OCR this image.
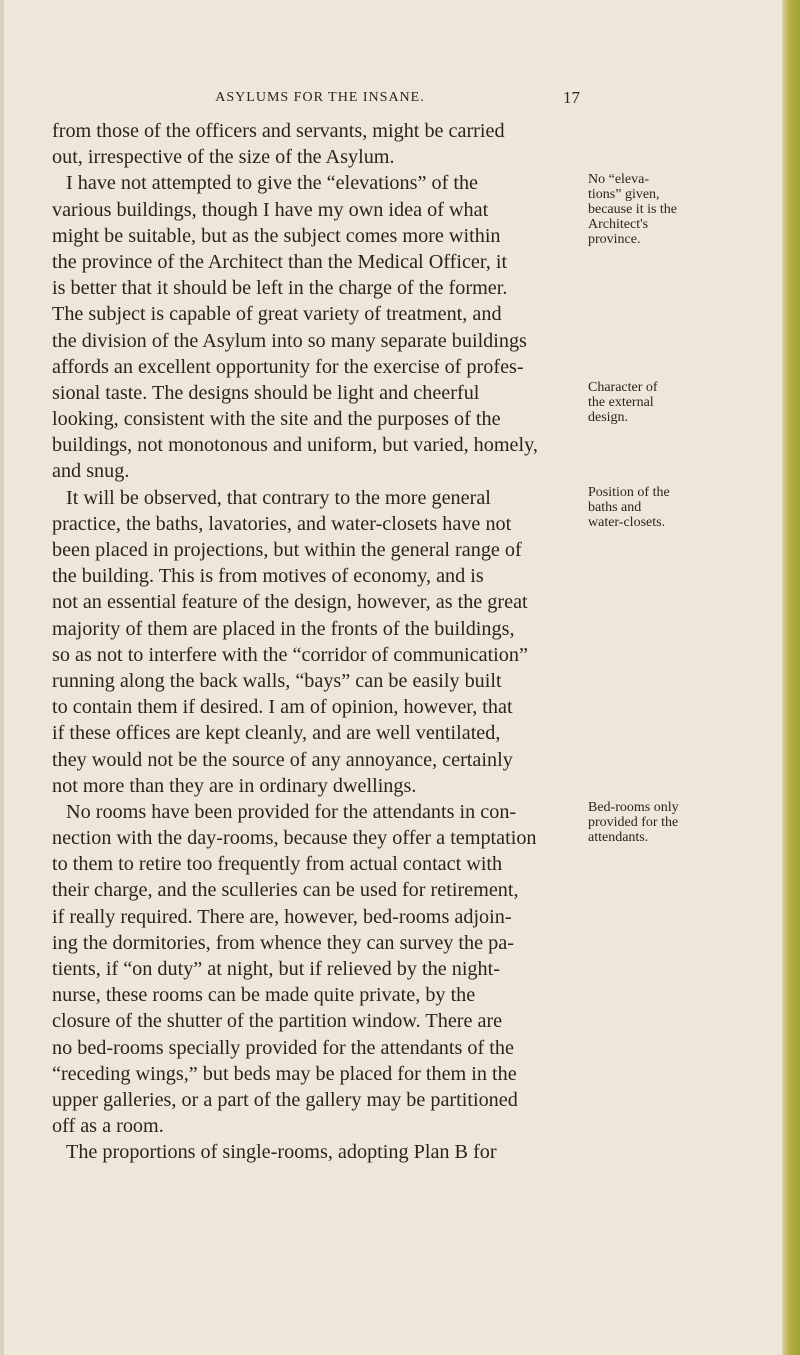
ASYLUMS FOR THE INSANE.	17
from those of the officers and servants, might be carried
out, irrespective of the size of the Asylum.
I have not attempted to give the “elevations” of the
various buildings, though I have my own idea of what
might be suitable, but as the subject comes more within
the province of the Architect than the Medical Officer, it
is better that it should be left in the charge of the former.
The subject is capable of great variety of treatment, and
the division of the Asylum into so many separate buildings
affords an excellent opportunity for the exercise of profes-
sional taste. The designs should be light and cheerful
looking, consistent with the site and the purposes of the
buildings, not monotonous and uniform, but varied, homely,
and snug.
It will be observed, that contrary to the more general
practice, the baths, lavatories, and water-closets have not
been placed in projections, but within the general range of
the building. This is from motives of economy, and is
not an essential feature of the design, however, as the great
majority of them are placed in the fronts of the buildings,
so as not to interfere with the “corridor of communication”
running along the back walls, “bays” can be easily built
to contain them if desired. I am of opinion, however, that
if these offices are kept cleanly, and are well ventilated,
they would not be the source of any annoyance, certainly
not more than they are in ordinary dwellings.
No rooms have been provided for the attendants in con-
nection with the day-rooms, because they offer a temptation
to them to retire too frequently from actual contact with
their charge, and the sculleries can be used for retirement,
if really required. There are, however, bed-rooms adjoin-
ing the dormitories, from whence they can survey the pa-
tients, if “on duty” at night, but if relieved by the night-
nurse, these rooms can be made quite private, by the
closure of the shutter of the partition window. There are
no bed-rooms specially provided for the attendants of the
“receding wings,” but beds may be placed for them in the
upper galleries, or a part of the gallery may be partitioned
off as a room.
The proportions of single-rooms, adopting Plan B for
No “eleva-
tions” given,
because it is the
Architect's
province.
Character of
the external
design.
Position of the
baths and
water-closets.
Bed-rooms only
provided for the
attendants.
